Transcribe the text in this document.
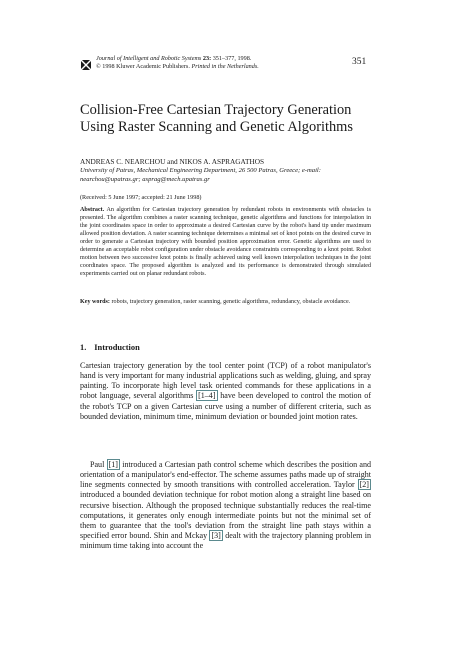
Journal of Intelligent and Robotic Systems 23: 351–377, 1998.
© 1998 Kluwer Academic Publishers. Printed in the Netherlands.	351
Collision-Free Cartesian Trajectory Generation
Using Raster Scanning and Genetic Algorithms
ANDREAS C. NEARCHOU and NIKOS A. ASPRAGATHOS
University of Patras, Mechanical Engineering Department, 26 500 Patras, Greece; e-mail:
nearchou@upatras.gr; asprag@mech.upatras.gr
(Received: 5 June 1997; accepted: 21 June 1998)
Abstract. An algorithm for Cartesian trajectory generation by redundant robots in environments with obstacles is presented. The algorithm combines a raster scanning technique, genetic algorithms and functions for interpolation in the joint coordinates space in order to approximate a desired Cartesian curve by the robot's hand tip under maximum allowed position deviation. A raster scanning technique determines a minimal set of knot points on the desired curve in order to generate a Cartesian trajectory with bounded position approximation error. Genetic algorithms are used to determine an acceptable robot configuration under obstacle avoidance constraints corresponding to a knot point. Robot motion between two successive knot points is finally achieved using well known interpolation techniques in the joint coordinates space. The proposed algorithm is analyzed and its performance is demonstrated through simulated experiments carried out on planar redundant robots.
Key words: robots, trajectory generation, raster scanning, genetic algorithms, redundancy, obstacle avoidance.
1. Introduction
Cartesian trajectory generation by the tool center point (TCP) of a robot manipulator's hand is very important for many industrial applications such as welding, gluing, and spray painting. To incorporate high level task oriented commands for these applications in a robot language, several algorithms [1–4] have been developed to control the motion of the robot's TCP on a given Cartesian curve using a number of different criteria, such as bounded deviation, minimum time, minimum deviation or bounded joint motion rates.
Paul [1] introduced a Cartesian path control scheme which describes the position and orientation of a manipulator's end-effector. The scheme assumes paths made up of straight line segments connected by smooth transitions with controlled acceleration. Taylor [2] introduced a bounded deviation technique for robot motion along a straight line based on recursive bisection. Although the proposed technique substantially reduces the real-time computations, it generates only enough intermediate points but not the minimal set of them to guarantee that the tool's deviation from the straight line path stays within a specified error bound. Shin and Mckay [3] dealt with the trajectory planning problem in minimum time taking into account the
